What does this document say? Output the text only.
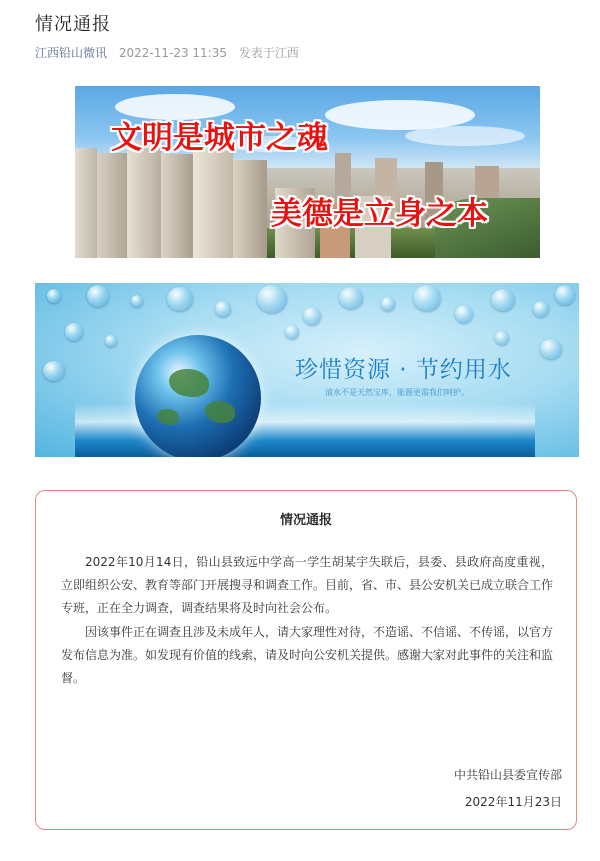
情况通报
江西铅山微讯 2022-11-23 11:35 发表于江西
文明是城市之魂
美德是立身之本
珍惜资源 · 节约用水
清水不是天然宝库，能源更需我们呵护。
情况通报

2022年10月14日，铅山县致远中学高一学生胡某宇失联后，县委、县政府高度重视，立即组织公安、教育等部门开展搜寻和调查工作。目前，省、市、县公安机关已成立联合工作专班，正在全力调查，调查结果将及时向社会公布。

因该事件正在调查且涉及未成年人，请大家理性对待，不造谣、不信谣、不传谣，以官方发布信息为准。如发现有价值的线索，请及时向公安机关提供。感谢大家对此事件的关注和监督。

中共铅山县委宣传部
2022年11月23日
